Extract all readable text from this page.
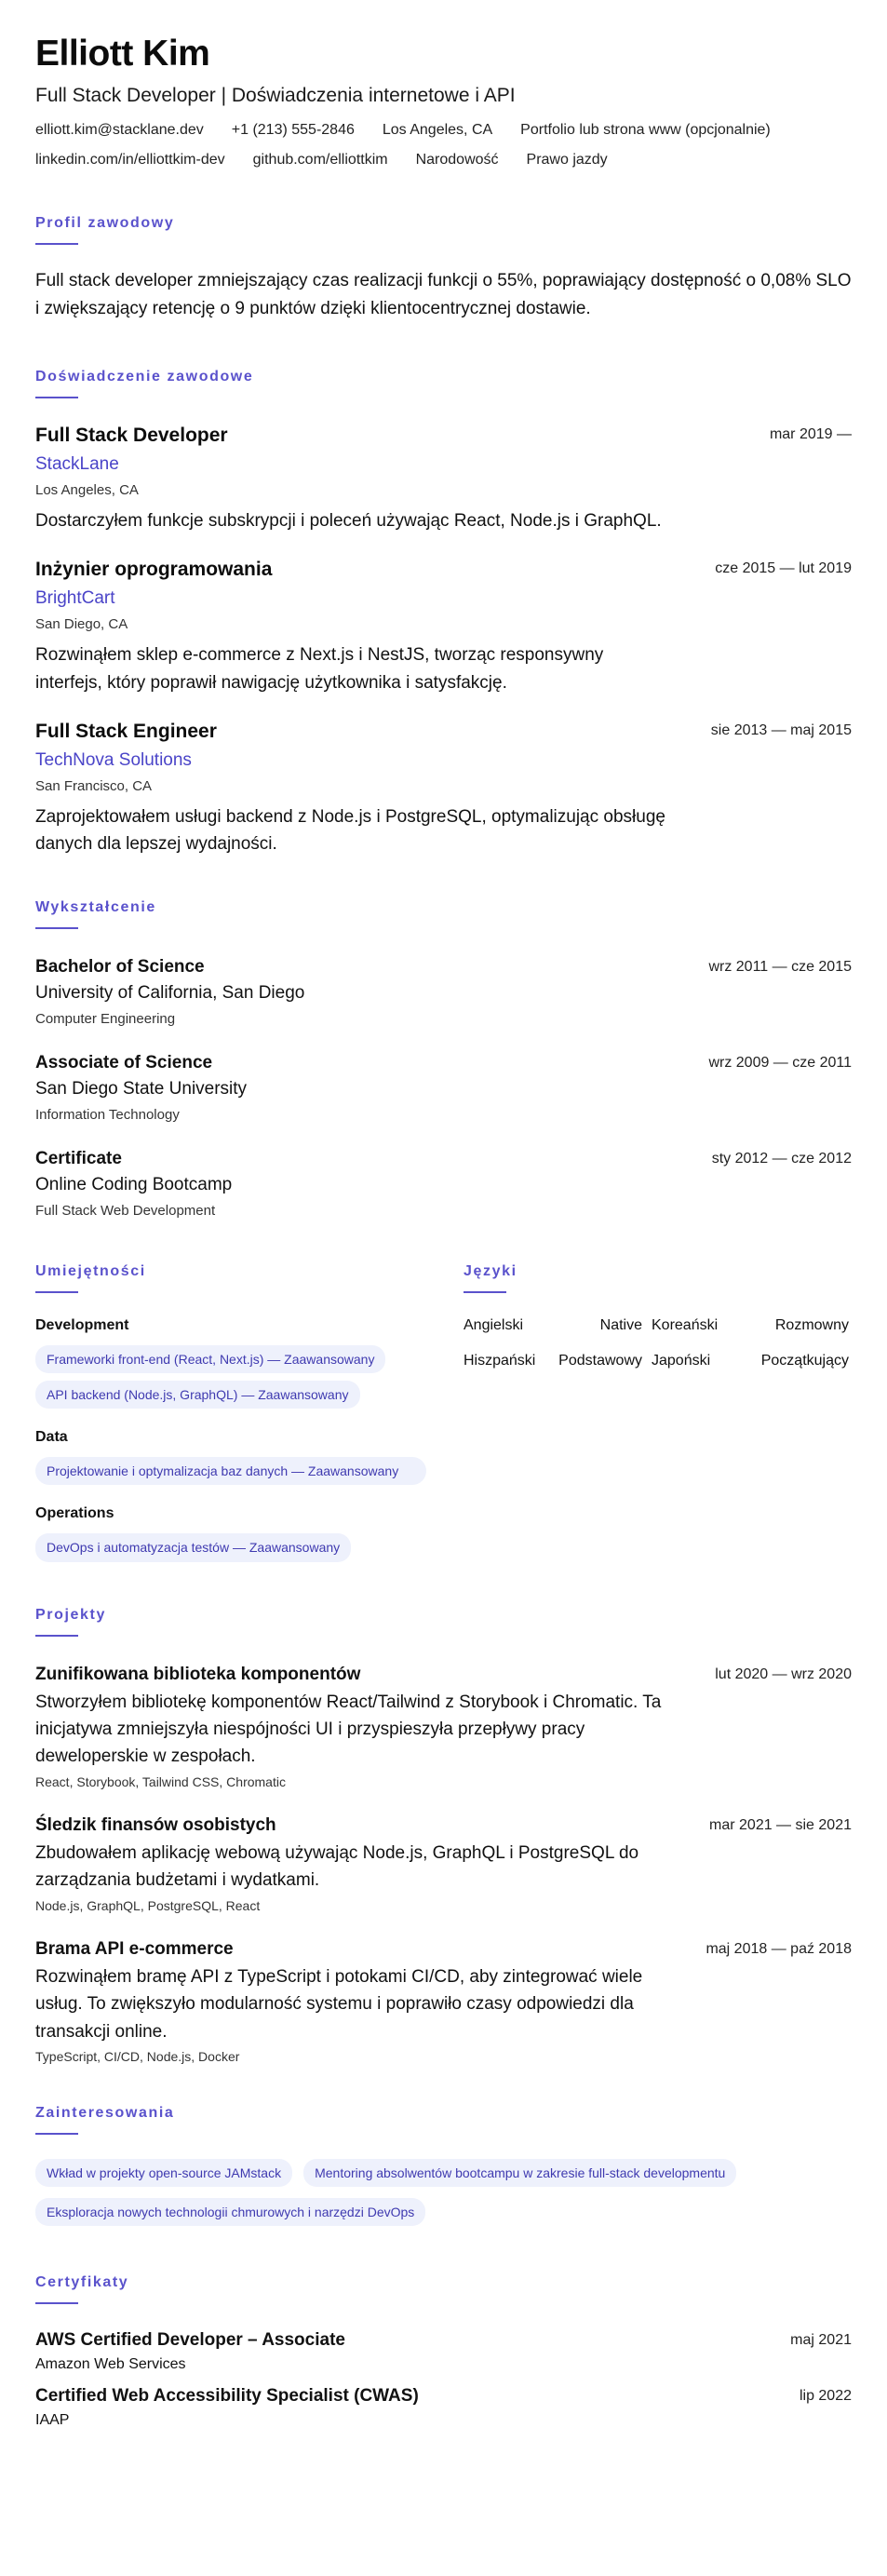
Elliott Kim
Full Stack Developer | Doświadczenia internetowe i API
elliott.kim@stacklane.dev +1 (213) 555-2846 Los Angeles, CA Portfolio lub strona www (opcjonalnie)
linkedin.com/in/elliottkim-dev github.com/elliottkim Narodowość Prawo jazdy
Profil zawodowy
Full stack developer zmniejszający czas realizacji funkcji o 55%, poprawiający dostępność o 0,08% SLO i zwiększający retencję o 9 punktów dzięki klientocentrycznej dostawie.
Doświadczenie zawodowe
Full Stack Developer
StackLane
Los Angeles, CA
Dostarczyłem funkcje subskrypcji i poleceń używając React, Node.js i GraphQL.
mar 2019 —
Inżynier oprogramowania
BrightCart
San Diego, CA
Rozwinąłem sklep e-commerce z Next.js i NestJS, tworząc responsywny interfejs, który poprawił nawigację użytkownika i satysfakcję.
cze 2015 — lut 2019
Full Stack Engineer
TechNova Solutions
San Francisco, CA
Zaprojektowałem usługi backend z Node.js i PostgreSQL, optymalizując obsługę danych dla lepszej wydajności.
sie 2013 — maj 2015
Wykształcenie
Bachelor of Science
University of California, San Diego
Computer Engineering
wrz 2011 — cze 2015
Associate of Science
San Diego State University
Information Technology
wrz 2009 — cze 2011
Certificate
Online Coding Bootcamp
Full Stack Web Development
sty 2012 — cze 2012
Umiejętności
Development
Frameworki front-end (React, Next.js) — Zaawansowany
API backend (Node.js, GraphQL) — Zaawansowany
Data
Projektowanie i optymalizacja baz danych — Zaawansowany
Operations
DevOps i automatyzacja testów — Zaawansowany
Języki
Angielski	Native Koreański	Rozmowny
Hiszpański	Podstawowy Japoński	Początkujący
Projekty
Zunifikowana biblioteka komponentów
Stworzyłem bibliotekę komponentów React/Tailwind z Storybook i Chromatic. Ta inicjatywa zmniejszyła niespójności UI i przyspieszyła przepływy pracy deweloperskie w zespołach.
React, Storybook, Tailwind CSS, Chromatic
lut 2020 — wrz 2020
Śledzik finansów osobistych
Zbudowałem aplikację webową używając Node.js, GraphQL i PostgreSQL do zarządzania budżetami i wydatkami.
Node.js, GraphQL, PostgreSQL, React
mar 2021 — sie 2021
Brama API e-commerce
Rozwinąłem bramę API z TypeScript i potokami CI/CD, aby zintegrować wiele usług. To zwiększyło modularność systemu i poprawiło czasy odpowiedzi dla transakcji online.
TypeScript, CI/CD, Node.js, Docker
maj 2018 — paź 2018
Zainteresowania
Wkład w projekty open-source JAMstack	Mentoring absolwentów bootcampu w zakresie full-stack developmentu
Eksploracja nowych technologii chmurowych i narzędzi DevOps
Certyfikaty
AWS Certified Developer – Associate
Amazon Web Services
maj 2021
Certified Web Accessibility Specialist (CWAS)
IAAP
lip 2022
